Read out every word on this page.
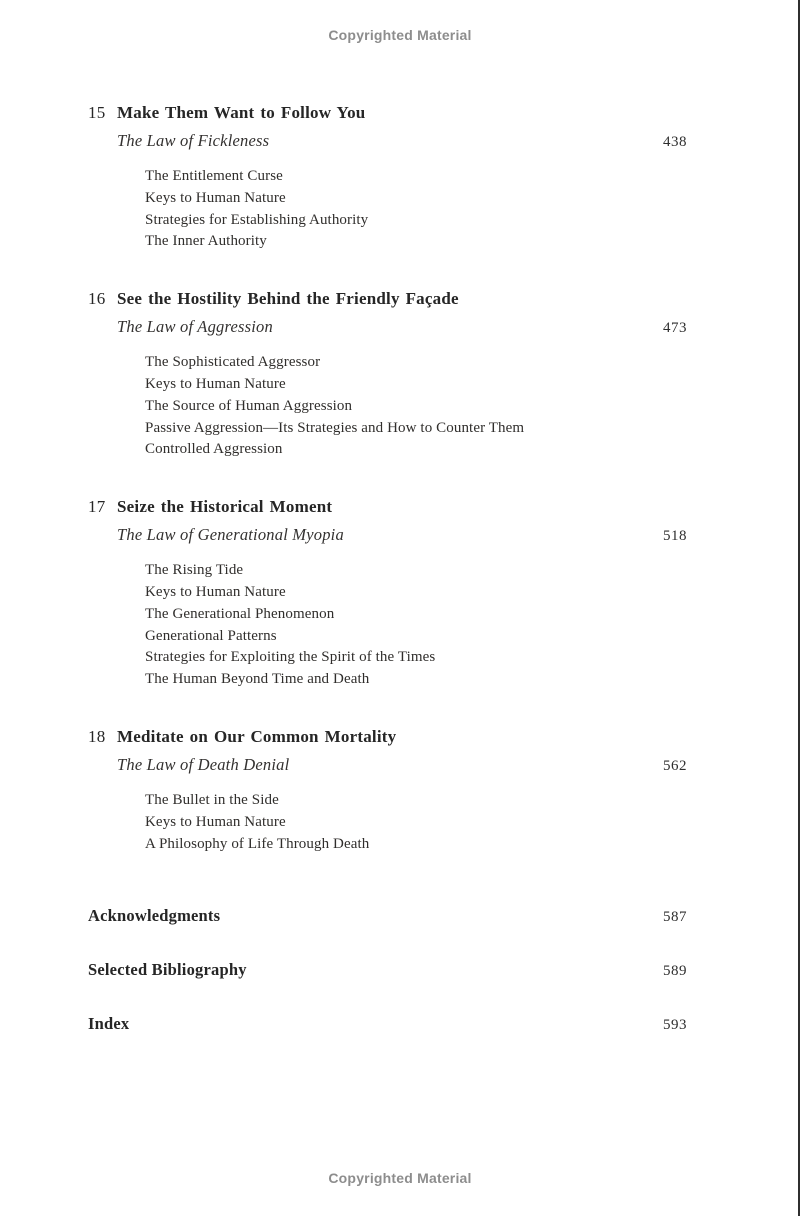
Copyrighted Material
15 Make Them Want to Follow You
The Law of Fickleness	438
The Entitlement Curse
Keys to Human Nature
Strategies for Establishing Authority
The Inner Authority
16 See the Hostility Behind the Friendly Façade
The Law of Aggression	473
The Sophisticated Aggressor
Keys to Human Nature
The Source of Human Aggression
Passive Aggression—Its Strategies and How to Counter Them
Controlled Aggression
17 Seize the Historical Moment
The Law of Generational Myopia	518
The Rising Tide
Keys to Human Nature
The Generational Phenomenon
Generational Patterns
Strategies for Exploiting the Spirit of the Times
The Human Beyond Time and Death
18 Meditate on Our Common Mortality
The Law of Death Denial	562
The Bullet in the Side
Keys to Human Nature
A Philosophy of Life Through Death
Acknowledgments	587
Selected Bibliography	589
Index	593
Copyrighted Material
